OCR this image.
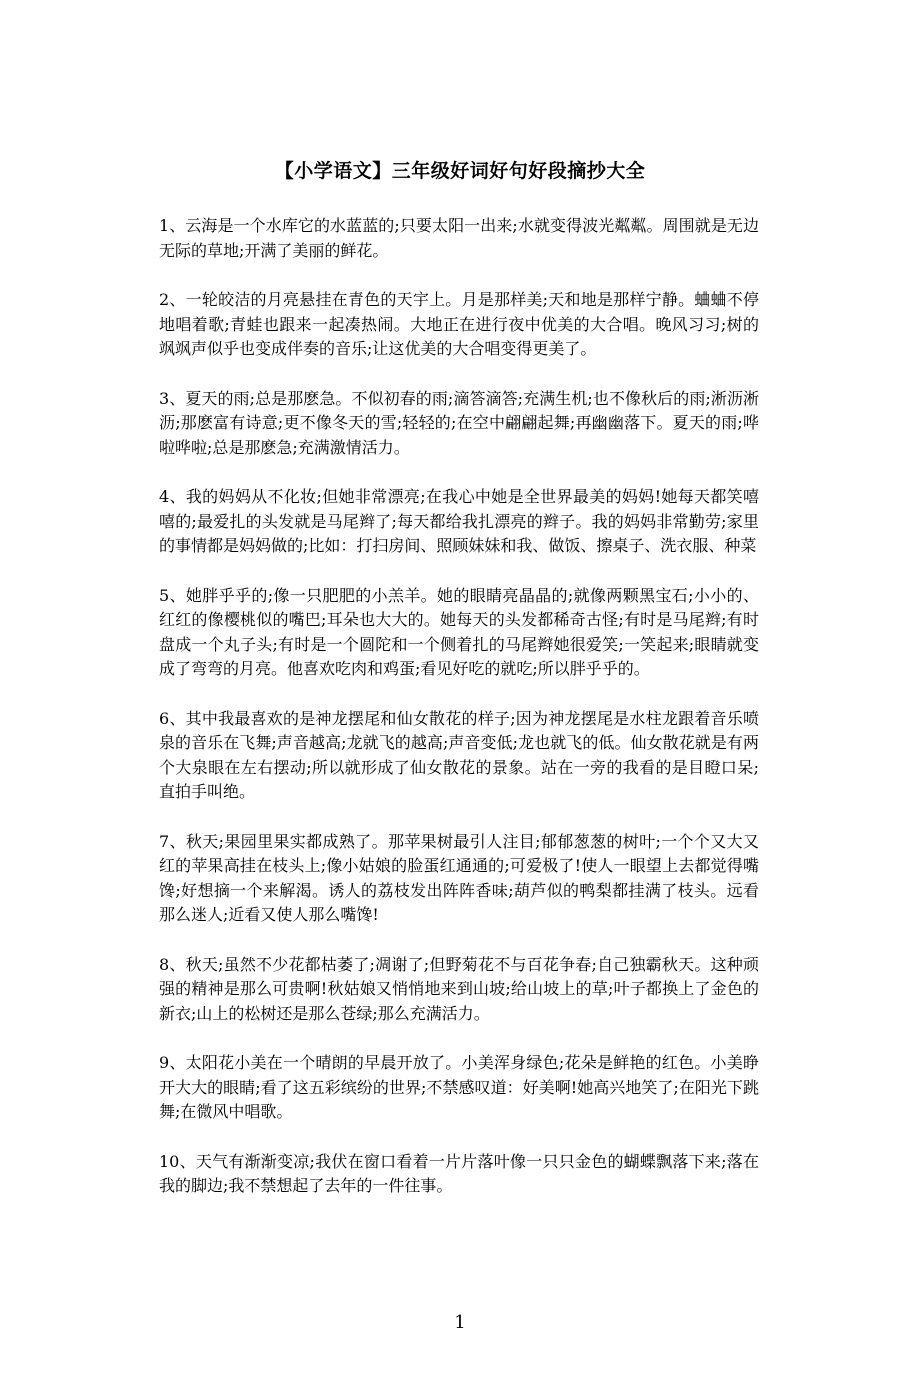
【小学语文】三年级好词好句好段摘抄大全

1、云海是一个水库它的水蓝蓝的;只要太阳一出来;水就变得波光粼粼。周围就是无边无际的草地;开满了美丽的鲜花。

2、一轮皎洁的月亮悬挂在青色的天宇上。月是那样美;天和地是那样宁静。蛐蛐不停地唱着歌;青蛙也跟来一起凑热闹。大地正在进行夜中优美的大合唱。晚风习习;树的飒飒声似乎也变成伴奏的音乐;让这优美的大合唱变得更美了。

3、夏天的雨;总是那麽急。不似初春的雨;滴答滴答;充满生机;也不像秋后的雨;淅沥淅沥;那麽富有诗意;更不像冬天的雪;轻轻的;在空中翩翩起舞;再幽幽落下。夏天的雨;哗啦哗啦;总是那麽急;充满激情活力。

4、我的妈妈从不化妆;但她非常漂亮;在我心中她是全世界最美的妈妈!她每天都笑嘻嘻的;最爱扎的头发就是马尾辫了;每天都给我扎漂亮的辫子。我的妈妈非常勤劳;家里的事情都是妈妈做的;比如：打扫房间、照顾妹妹和我、做饭、擦桌子、洗衣服、种菜

5、她胖乎乎的;像一只肥肥的小羔羊。她的眼睛亮晶晶的;就像两颗黑宝石;小小的、红红的像樱桃似的嘴巴;耳朵也大大的。她每天的头发都稀奇古怪;有时是马尾辫;有时盘成一个丸子头;有时是一个圆陀和一个侧着扎的马尾辫她很爱笑;一笑起来;眼睛就变成了弯弯的月亮。他喜欢吃肉和鸡蛋;看见好吃的就吃;所以胖乎乎的。

6、其中我最喜欢的是神龙摆尾和仙女散花的样子;因为神龙摆尾是水柱龙跟着音乐喷泉的音乐在飞舞;声音越高;龙就飞的越高;声音变低;龙也就飞的低。仙女散花就是有两个大泉眼在左右摆动;所以就形成了仙女散花的景象。站在一旁的我看的是目瞪口呆;直拍手叫绝。

7、秋天;果园里果实都成熟了。那苹果树最引人注目;郁郁葱葱的树叶;一个个又大又红的苹果高挂在枝头上;像小姑娘的脸蛋红通通的;可爱极了!使人一眼望上去都觉得嘴馋;好想摘一个来解渴。诱人的荔枝发出阵阵香味;葫芦似的鸭梨都挂满了枝头。远看那么迷人;近看又使人那么嘴馋!

8、秋天;虽然不少花都枯萎了;凋谢了;但野菊花不与百花争春;自己独霸秋天。这种顽强的精神是那么可贵啊!秋姑娘又悄悄地来到山坡;给山坡上的草;叶子都换上了金色的新衣;山上的松树还是那么苍绿;那么充满活力。

9、太阳花小美在一个晴朗的早晨开放了。小美浑身绿色;花朵是鲜艳的红色。小美睁开大大的眼睛;看了这五彩缤纷的世界;不禁感叹道：好美啊!她高兴地笑了;在阳光下跳舞;在微风中唱歌。

10、天气有渐渐变凉;我伏在窗口看着一片片落叶像一只只金色的蝴蝶飘落下来;落在我的脚边;我不禁想起了去年的一件往事。

1
